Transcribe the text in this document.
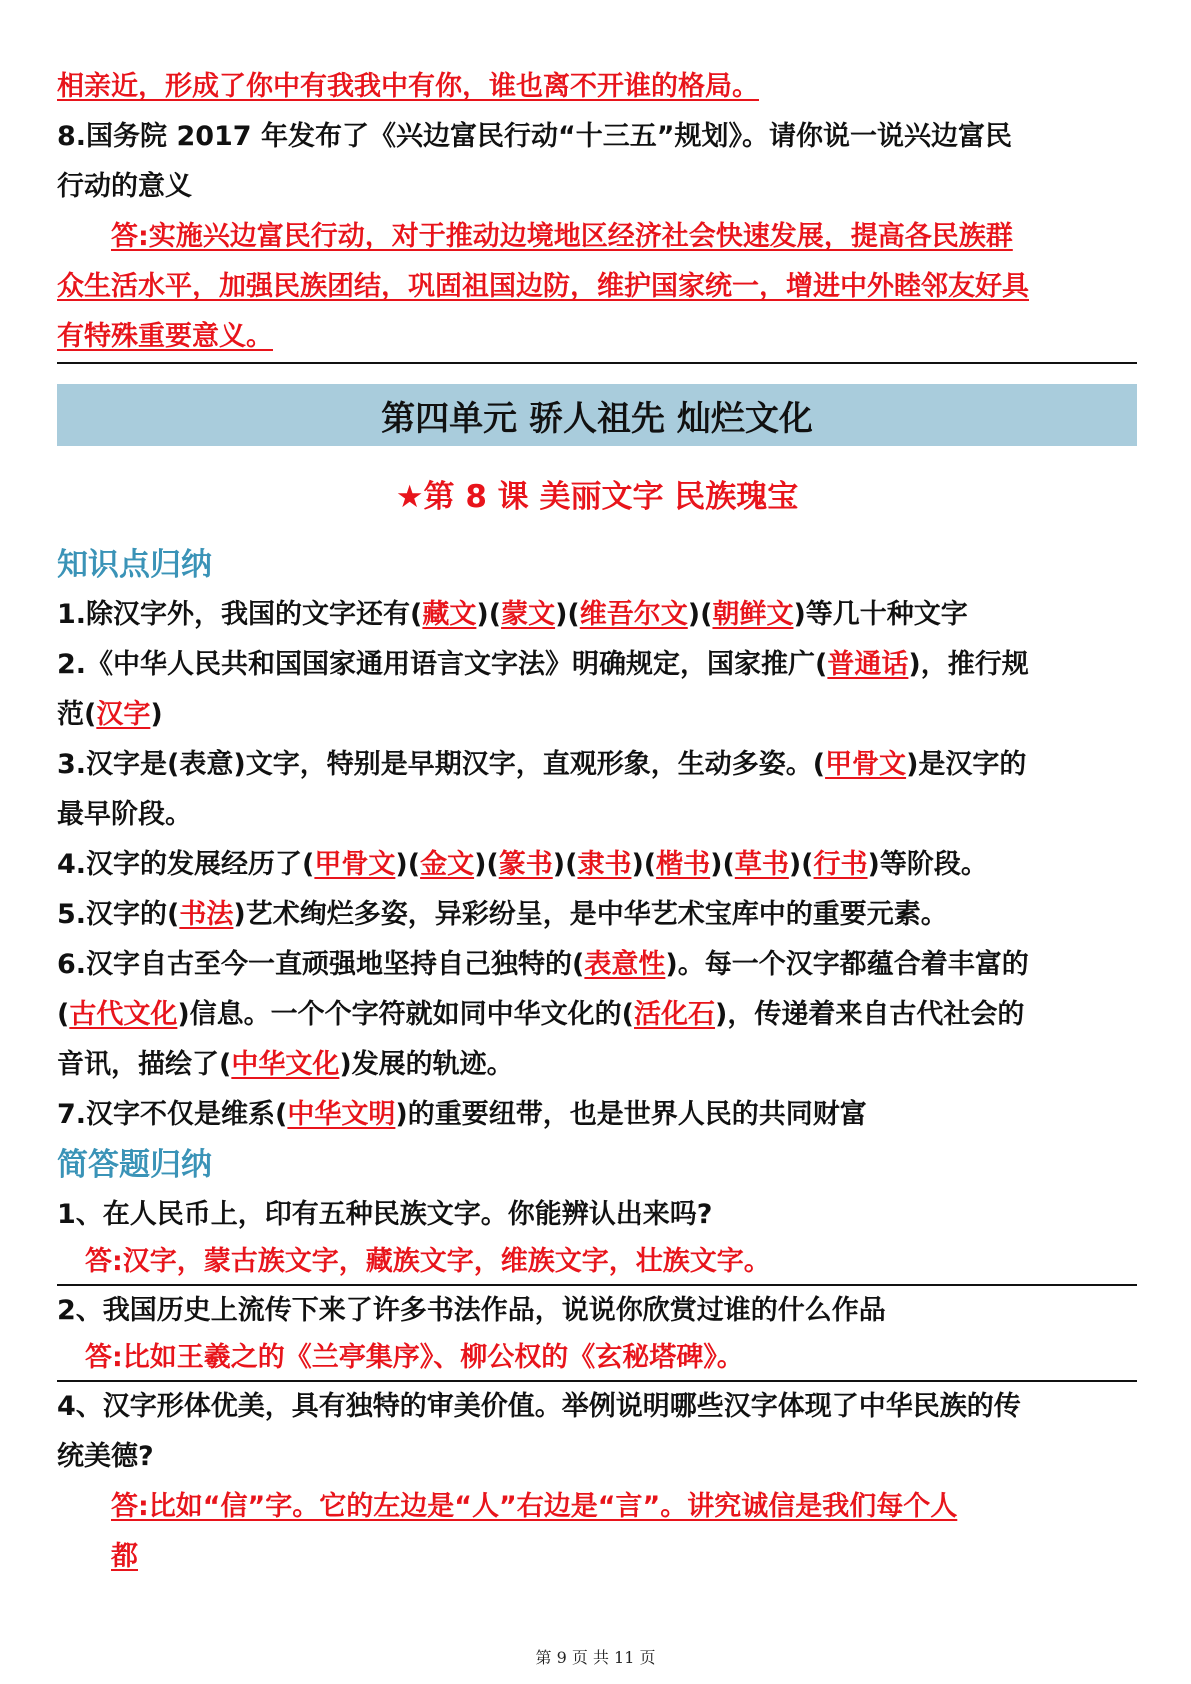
相亲近，形成了你中有我我中有你，谁也离不开谁的格局。
8.国务院 2017 年发布了《兴边富民行动“十三五”规划》。请你说一说兴边富民
行动的意义
答:实施兴边富民行动，对于推动边境地区经济社会快速发展，提高各民族群
众生活水平，加强民族团结，巩固祖国边防，维护国家统一，增进中外睦邻友好具
有特殊重要意义。
第四单元 骄人祖先 灿烂文化
★第 8 课 美丽文字 民族瑰宝
知识点归纳
1.除汉字外，我国的文字还有(藏文)(蒙文)(维吾尔文)(朝鲜文)等几十种文字
2.《中华人民共和国国家通用语言文字法》明确规定，国家推广(普通话)，推行规
范(汉字)
3.汉字是(表意)文字，特别是早期汉字，直观形象，生动多姿。(甲骨文)是汉字的
最早阶段。
4.汉字的发展经历了(甲骨文)(金文)(篆书)(隶书)(楷书)(草书)(行书)等阶段。
5.汉字的(书法)艺术绚烂多姿，异彩纷呈，是中华艺术宝库中的重要元素。
6.汉字自古至今一直顽强地坚持自己独特的(表意性)。每一个汉字都蕴合着丰富的
(古代文化)信息。一个个字符就如同中华文化的(活化石)，传递着来自古代社会的
音讯，描绘了(中华文化)发展的轨迹。
7.汉字不仅是维系(中华文明)的重要纽带，也是世界人民的共同财富
简答题归纳
1、在人民币上，印有五种民族文字。你能辨认出来吗?
答:汉字，蒙古族文字，藏族文字，维族文字，壮族文字。
2、我国历史上流传下来了许多书法作品，说说你欣赏过谁的什么作品
答:比如王羲之的《兰亭集序》、柳公权的《玄秘塔碑》。
4、汉字形体优美，具有独特的审美价值。举例说明哪些汉字体现了中华民族的传
统美德?
答:比如“信”字。它的左边是“人”右边是“言”。讲究诚信是我们每个人
都
第 9 页 共 11 页
